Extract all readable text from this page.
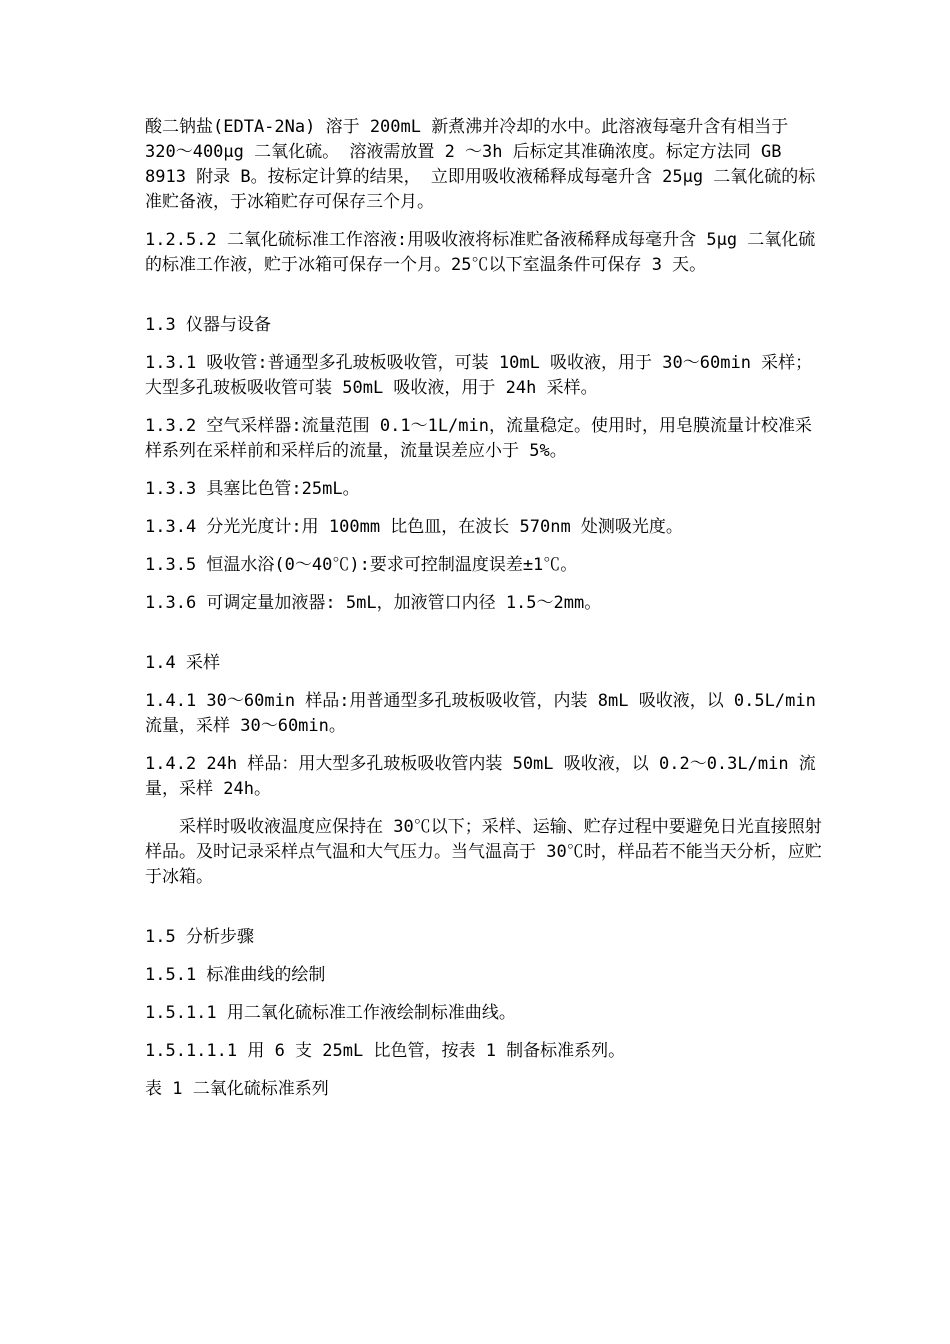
酸二钠盐(EDTA-2Na) 溶于 200mL 新煮沸并冷却的水中。此溶液每毫升含有相当于 320～400μg 二氧化硫。 溶液需放置 2 ～3h 后标定其准确浓度。标定方法同 GB 8913 附录 B。按标定计算的结果， 立即用吸收液稀释成每毫升含 25μg 二氧化硫的标准贮备液，于冰箱贮存可保存三个月。

1.2.5.2 二氧化硫标准工作溶液:用吸收液将标准贮备液稀释成每毫升含 5μg 二氧化硫的标准工作液，贮于冰箱可保存一个月。25℃以下室温条件可保存 3 天。

1.3 仪器与设备

1.3.1 吸收管:普通型多孔玻板吸收管，可装 10mL 吸收液，用于 30～60min 采样； 大型多孔玻板吸收管可装 50mL 吸收液，用于 24h 采样。

1.3.2 空气采样器:流量范围 0.1～1L/min，流量稳定。使用时，用皂膜流量计校准采样系列在采样前和采样后的流量，流量误差应小于 5%。

1.3.3 具塞比色管:25mL。

1.3.4 分光光度计:用 100mm 比色皿，在波长 570nm 处测吸光度。

1.3.5 恒温水浴(0～40℃):要求可控制温度误差±1℃。

1.3.6 可调定量加液器: 5mL，加液管口内径 1.5～2mm。

1.4 采样

1.4.1 30～60min 样品:用普通型多孔玻板吸收管，内装 8mL 吸收液，以 0.5L/min 流量，采样 30～60min。

1.4.2 24h 样品：用大型多孔玻板吸收管内装 50mL 吸收液，以 0.2～0.3L/min 流量，采样 24h。

采样时吸收液温度应保持在 30℃以下；采样、运输、贮存过程中要避免日光直接照射样品。及时记录采样点气温和大气压力。当气温高于 30℃时，样品若不能当天分析，应贮于冰箱。

1.5 分析步骤

1.5.1 标准曲线的绘制

1.5.1.1 用二氧化硫标准工作液绘制标准曲线。

1.5.1.1.1 用 6 支 25mL 比色管，按表 1 制备标准系列。

表 1 二氧化硫标准系列
